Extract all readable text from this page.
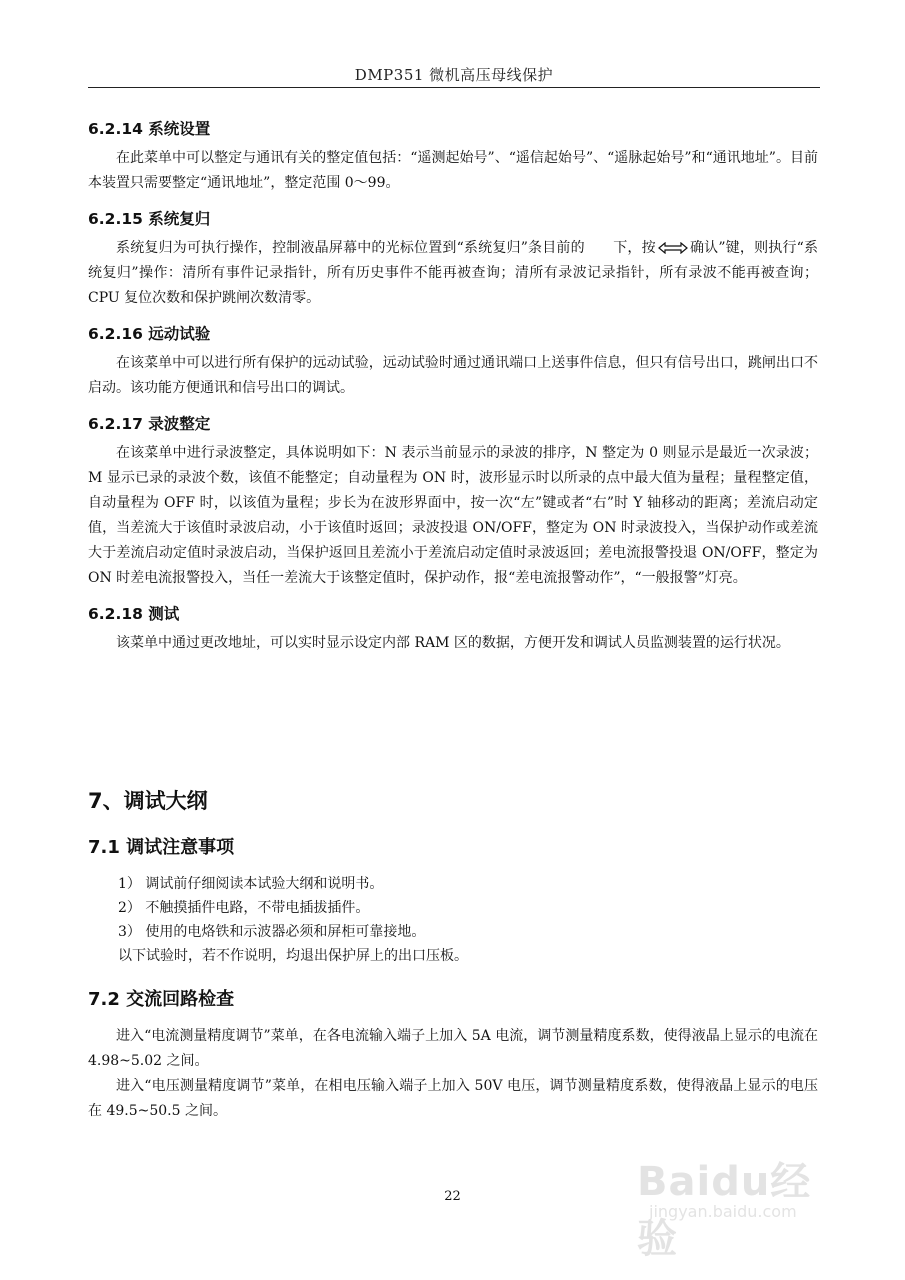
DMP351 微机高压母线保护
6.2.14 系统设置

在此菜单中可以整定与通讯有关的整定值包括：“遥测起始号”、“遥信起始号”、“遥脉起始号”和“通讯地址”。目前本装置只需要整定“通讯地址”，整定范围 0～99。

6.2.15 系统复归

系统复归为可执行操作，控制液晶屏幕中的光标位置到“系统复归”条目前的　　下，按 确认”键，则执行“系统复归”操作：清所有事件记录指针，所有历史事件不能再被查询；清所有录波记录指针，所有录波不能再被查询；CPU 复位次数和保护跳闸次数清零。

6.2.16 远动试验

在该菜单中可以进行所有保护的远动试验，远动试验时通过通讯端口上送事件信息，但只有信号出口，跳闸出口不启动。该功能方便通讯和信号出口的调试。

6.2.17 录波整定

在该菜单中进行录波整定，具体说明如下：N 表示当前显示的录波的排序，N 整定为 0 则显示是最近一次录波；M 显示已录的录波个数，该值不能整定；自动量程为 ON 时，波形显示时以所录的点中最大值为量程；量程整定值，自动量程为 OFF 时，以该值为量程；步长为在波形界面中，按一次“左”键或者“右”时 Y 轴移动的距离；差流启动定值，当差流大于该值时录波启动，小于该值时返回；录波投退 ON/OFF，整定为 ON 时录波投入，当保护动作或差流大于差流启动定值时录波启动，当保护返回且差流小于差流启动定值时录波返回；差电流报警投退 ON/OFF，整定为 ON 时差电流报警投入，当任一差流大于该整定值时，保护动作，报“差电流报警动作”，“一般报警”灯亮。

6.2.18 测试

该菜单中通过更改地址，可以实时显示设定内部 RAM 区的数据，方便开发和调试人员监测装置的运行状况。

7、调试大纲
7.1 调试注意事项

1） 调试前仔细阅读本试验大纲和说明书。

2） 不触摸插件电路，不带电插拔插件。

3） 使用的电烙铁和示波器必须和屏柜可靠接地。

以下试验时，若不作说明，均退出保护屏上的出口压板。

7.2 交流回路检查

进入“电流测量精度调节”菜单，在各电流输入端子上加入 5A 电流，调节测量精度系数，使得液晶上显示的电流在 4.98~5.02 之间。

进入“电压测量精度调节”菜单，在相电压输入端子上加入 50V 电压，调节测量精度系数，使得液晶上显示的电压在 49.5~50.5 之间。

22	Baidu经验
jingyan.baidu.com
